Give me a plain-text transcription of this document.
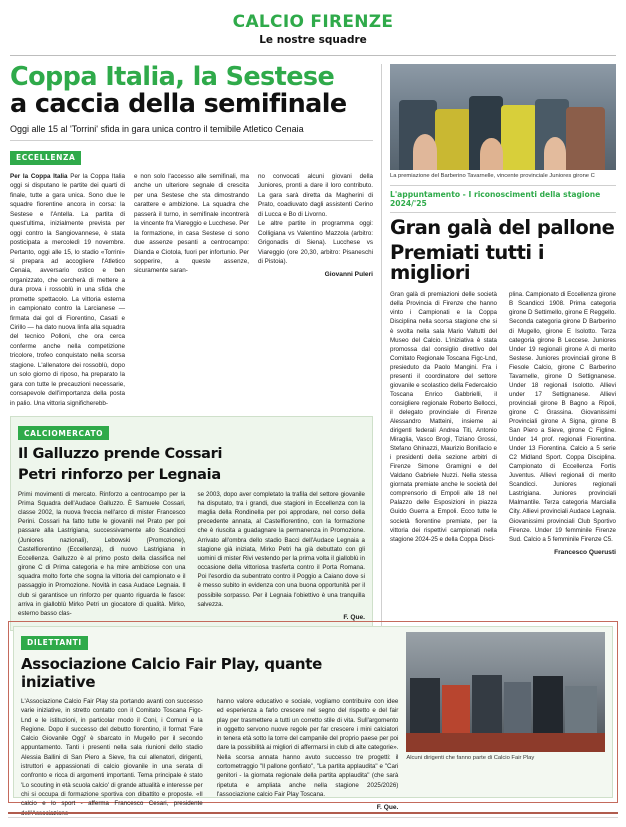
CALCIO FIRENZE
Le nostre squadre
Coppa Italia, la Sestese
a caccia della semifinale
Oggi alle 15 al 'Torrini' sfida in gara unica contro il temibile Atletico Cenaia
ECCELLENZA

Per la Coppa Italia Per la Coppa Italia oggi si disputano le partite dei quarti di finale, tutte a gara unica. Sono due le squadre fiorentine ancora in corsa: la Sestese e l'Antella. La partita di quest'ultima, inizialmente prevista per oggi contro la Sangiovannese, è stata posticipata a mercoledì 19 novembre. Pertanto, oggi alle 15, lo stadio «Torrini» si prepara ad accogliere l'Atletico Cenaia, avversario ostico e ben organizzato, che cercherà di mettere a dura prova i rossoblù in una sfida che promette spettacolo. La vittoria esterna in campionato contro la Larcianese — firmata dai gol di Fiorentino, Casati e Cirillo — ha dato nuova linfa alla squadra del tecnico Polloni, che ora cerca conferme anche nella competizione tricolore, trofeo conquistato nella scorsa stagione. L'allenatore dei rossoblù, dopo un solo giorno di riposo, ha preparato la gara con tutte le precauzioni necessarie, consapevole dell'importanza della posta in palio. Una vittoria significherebb-

e non solo l'accesso alle semifinali, ma anche un ulteriore segnale di crescita per una Sestese che sta dimostrando carattere e ambizione. La squadra che passerà il turno, in semifinale incontrerà la vincente fra Viareggio e Lucchese. Per la formazione, in casa Sestese ci sono due assenze pesanti a centrocampo: Dianda e Ciotola, fuori per infortunio. Per sopperire, a queste assenze, sicuramente saran-

no convocati alcuni giovani della Juniores, pronti a dare il loro contributo. La gara sarà diretta da Magherini di Prato, coadiuvato dagli assistenti Cerino di Lucca e Bo di Livorno.

Le altre partite in programma oggi: Colligiana vs Valentino Mazzola (arbitro: Grigonadis di Siena). Lucchese vs Viareggio (ore 20,30, arbitro: Pisaneschi di Pistoia).

Giovanni Puleri
CALCIOMERCATO
Il Galluzzo prende Cossari
Petri rinforzo per Legnaia
Primi movimenti di mercato. Rinforzo a centrocampo per la Prima Squadra dell'Audace Galluzzo. È Samuele Cossari, classe 2002, la nuova freccia nell'arco di mister Francesco Perini. Cossari ha fatto tutte le giovanili nel Prato per poi passare alla Lastrigiana, successivamente allo Scandicci (Juniores nazionali), Lebowski (Promozione), Castelfiorentino (Eccellenza), di nuovo Lastrigiana in Eccellenza. Galluzzo è al primo posto della classifica nel girone C di Prima categoria e ha mire ambiziose con una squadra molto forte che sogna la vittoria del campionato e il passaggio in Promozione. Novità in casa Audace Legnaia. Il club si garantisce un rinforzo per quanto riguarda le fasce: arriva in gialloblù Mirko Petri un giocatore di qualità. Mirko, esterno basso clas-
se 2003, dopo aver completato la trafila del settore giovanile ha disputato, tra i grandi, due stagioni in Eccellenza con la maglia della Rondinella per poi approdare, nel corso della precedente annata, al Castelfiorentino, con la formazione che è riuscita a guadagnare la permanenza in Promozione. Arrivato all'ombra dello stadio Bacci dell'Audace Legnaia a stagione già iniziata, Mirko Petri ha già debuttato con gli uomini di mister Rivi vestendo per la prima volta il gialloblù in occasione della vittoriosa trasferta contro il Porta Romana. Poi l'esordio da subentrato contro il Poggio a Caiano dove si è messo subito in evidenza con una buona opportunità per il possibile sorpasso. Per il Legnaia l'obiettivo è una tranquilla salvezza.
F. Que.
La premiazione del Barberino Tavarnelle, vincente provinciale Juniores girone C
L'appuntamento - I riconoscimenti della stagione 2024/'25
Gran galà del pallone
Premiati tutti i migliori
Gran galà di premiazioni delle società della Provincia di Firenze che hanno vinto i Campionati e la Coppa Disciplina nella scorsa stagione che si è svolta nella sala Mario Valtutti del Museo del Calcio. L'iniziativa è stata promossa dal consiglio direttivo del Comitato Regionale Toscana Figc-Lnd, presieduto da Paolo Mangini. Fra i presenti il coordinatore del settore giovanile e scolastico della Federcalcio Toscana Enrico Gabbrielli, il consigliere regionale Roberto Bellocci, il delegato provinciale di Firenze Alessandro Matteini, insieme ai dirigenti federali Andrea Titi, Antonio Miraglia, Vasco Brogi, Tiziano Grossi, Stefano Ghinazzi, Maurizio Bonifacio e i presidenti della sezione arbitri di Firenze Simone Gramigni e del Valdano Gabriele Nuzzi. Nella stessa giornata premiate anche le società del comprensorio di Empoli alle 18 nel Palazzo delle Esposizioni in piazza Guido Guerra a Empoli. Ecco tutte le società fiorentine premiate, per la vittoria dei rispettivi campionati nella stagione 2024-25 e della Coppa Disci-
plina. Campionato di Eccellenza girone B Scandicci 1908. Prima categoria girone D Settimello, girone E Reggello. Seconda categoria girone D Barberino di Mugello, girone E Isolotto. Terza categoria girone B Leccese. Juniores Under 19 regionali girone A di merito Sestese. Juniores provinciali girone B Fiesole Calcio, girone C Barberino Tavarnelle, girone D Settignanese. Under 18 regionali Isolotto. Allievi under 17 Settignanese. Allievi provinciali girone B Bagno a Ripoli, girone C Grassina. Giovanissimi Provinciali girone A Signa, girone B San Piero a Sieve, girone C Figline. Under 14 prof. regionali Fiorentina. Under 13 Fiorentina. Calcio a 5 serie C2 Midland Sport. Coppa Disciplina. Campionato di Eccellenza Fortis Juventus. Allievi regionali di merito Scandicci. Juniores regionali Lastrigiana. Juniores provinciali Malmantile. Terza categoria Marcialla City. Allievi provinciali Audace Legnaia. Giovanissimi provinciali Club Sportivo Firenze. Under 19 femminile Firenze Sud. Calcio a 5 femminile Firenze C5.
Francesco Querusti
DILETTANTI
Associazione Calcio Fair Play, quante iniziative
L'Associazione Calcio Fair Play sta portando avanti con successo varie iniziative, in stretto contatto con il Comitato Toscana Figc-Lnd e le istituzioni, in particolar modo il Coni, i Comuni e la Regione. Dopo il successo del debutto fiorentino, il format 'Fare Calcio Giovanile Oggi' è sbarcato in Mugello per il secondo appuntamento. Tanti i presenti nella sala riunioni dello stadio Alessia Ballini di San Piero a Sieve, fra cui allenatori, dirigenti, istruttori e appassionati di calcio giovanile in una serata di confronto e ricca di argomenti importanti. Tema principale è stato 'Lo scouting in età scuola calcio' di grande attualità e interesse per chi si occupa di formazione sportiva con dibattito e proposte. «Il calcio e lo sport - afferma Francesco Cesari, presidente dell'Associazione -
hanno valore educativo e sociale, vogliamo contribuire con idee ed esperienza a farlo crescere nel segno del rispetto e del fair play per trasmettere a tutti un corretto stile di vita. Sull'argomento in oggetto servono nuove regole per far crescere i mini calciatori in tenera età sotto la torre del campanile del proprio paese per poi dare la possibilità ai migliori di affermarsi in club di alte categorie». Nella scorsa annata hanno avuto successo tre progetti: il cortometraggio "Il pallone gonfiato", "La partita applaudita" e "Cari genitori - la giornata regionale della partita applaudita" (che sarà ripetuta e ampliata anche nella stagione 2025/2026) l'associazione calcio Fair Play Toscana.
F. Que.
Alcuni dirigenti che fanno parte di Calcio Fair Play
